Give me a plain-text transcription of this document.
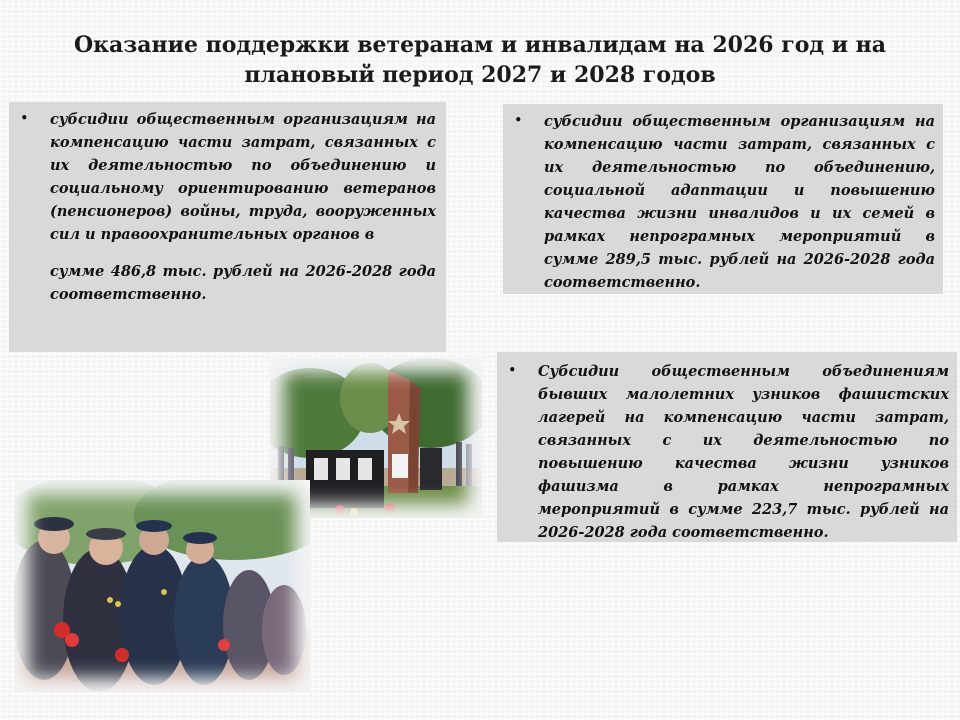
Оказание поддержки ветеранам и инвалидам на 2026 год и на
плановый период 2027 и 2028 годов
• субсидии общественным организациям на компенсацию части затрат, связанных с их деятельностью по объединению и социальному ориентированию ветеранов (пенсионеров) войны, труда, вооруженных сил и правоохранительных органов в
сумме 486,8 тыс. рублей на 2026-2028 года соответственно.
• субсидии общественным организациям на компенсацию части затрат, связанных с их деятельностью по объединению, социальной адаптации и повышению качества жизни инвалидов и их семей в рамках непрограмных мероприятий в сумме 289,5 тыс. рублей на 2026-2028 года соответственно.
• Субсидии общественным объединениям бывших малолетних узников фашистских лагерей на компенсацию части затрат, связанных с их деятельностью по повышению качества жизни узников фашизма в рамках непрограмных мероприятий в сумме 223,7 тыс. рублей на 2026-2028 года соответственно.
